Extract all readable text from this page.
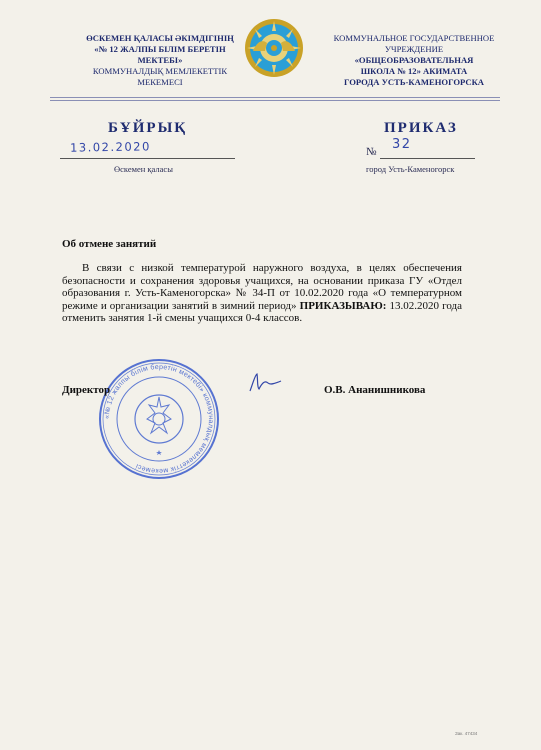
ӨСКЕМЕН ҚАЛАСЫ ӘКІМДІГІНІҢ
«№ 12 ЖАЛПЫ БІЛІМ БЕРЕТІН
МЕКТЕБІ»
КОММУНАЛДЫҚ МЕМЛЕКЕТТІК
МЕКЕМЕСІ
КОММУНАЛЬНОЕ ГОСУДАРСТВЕННОЕ
УЧРЕЖДЕНИЕ
«ОБЩЕОБРАЗОВАТЕЛЬНАЯ
ШКОЛА № 12» АКИМАТА
ГОРОДА УСТЬ-КАМЕНОГОРСКА
БҰЙРЫҚ	ПРИКАЗ
13.02.2020	№ 32
Өскемен қаласы	город Усть-Каменогорск
Об отмене занятий

В связи с низкой температурой наружного воздуха, в целях обеспечения безопасности и сохранения здоровья учащихся, на основании приказа ГУ «Отдел образования г. Усть-Каменогорска» № 34-П от 10.02.2020 года «О температурном режиме и организации занятий в зимний период» ПРИКАЗЫВАЮ: 13.02.2020 года отменить занятия 1-й смены учащихся 0-4 классов.

«№ 12 жалпы білім беретін мектебі» коммуналдық мемлекеттік мекемесі
Директор	О.В. Ананишникова
Зак. 47434
